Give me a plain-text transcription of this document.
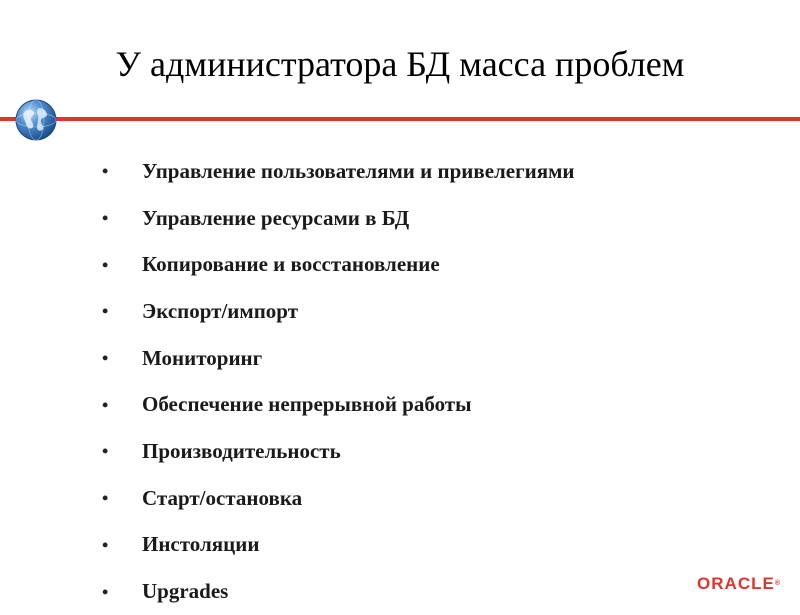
У администратора БД масса проблем
•	Управление пользователями и привелегиями
•	Управление ресурсами в БД
•	Копирование и восстановление
•	Экспорт/импорт
•	Мониторинг
•	Обеспечение непрерывной работы
•	Производительность
•	Старт/остановка
•	Инстоляции
•	Upgrades	ORACLE®
